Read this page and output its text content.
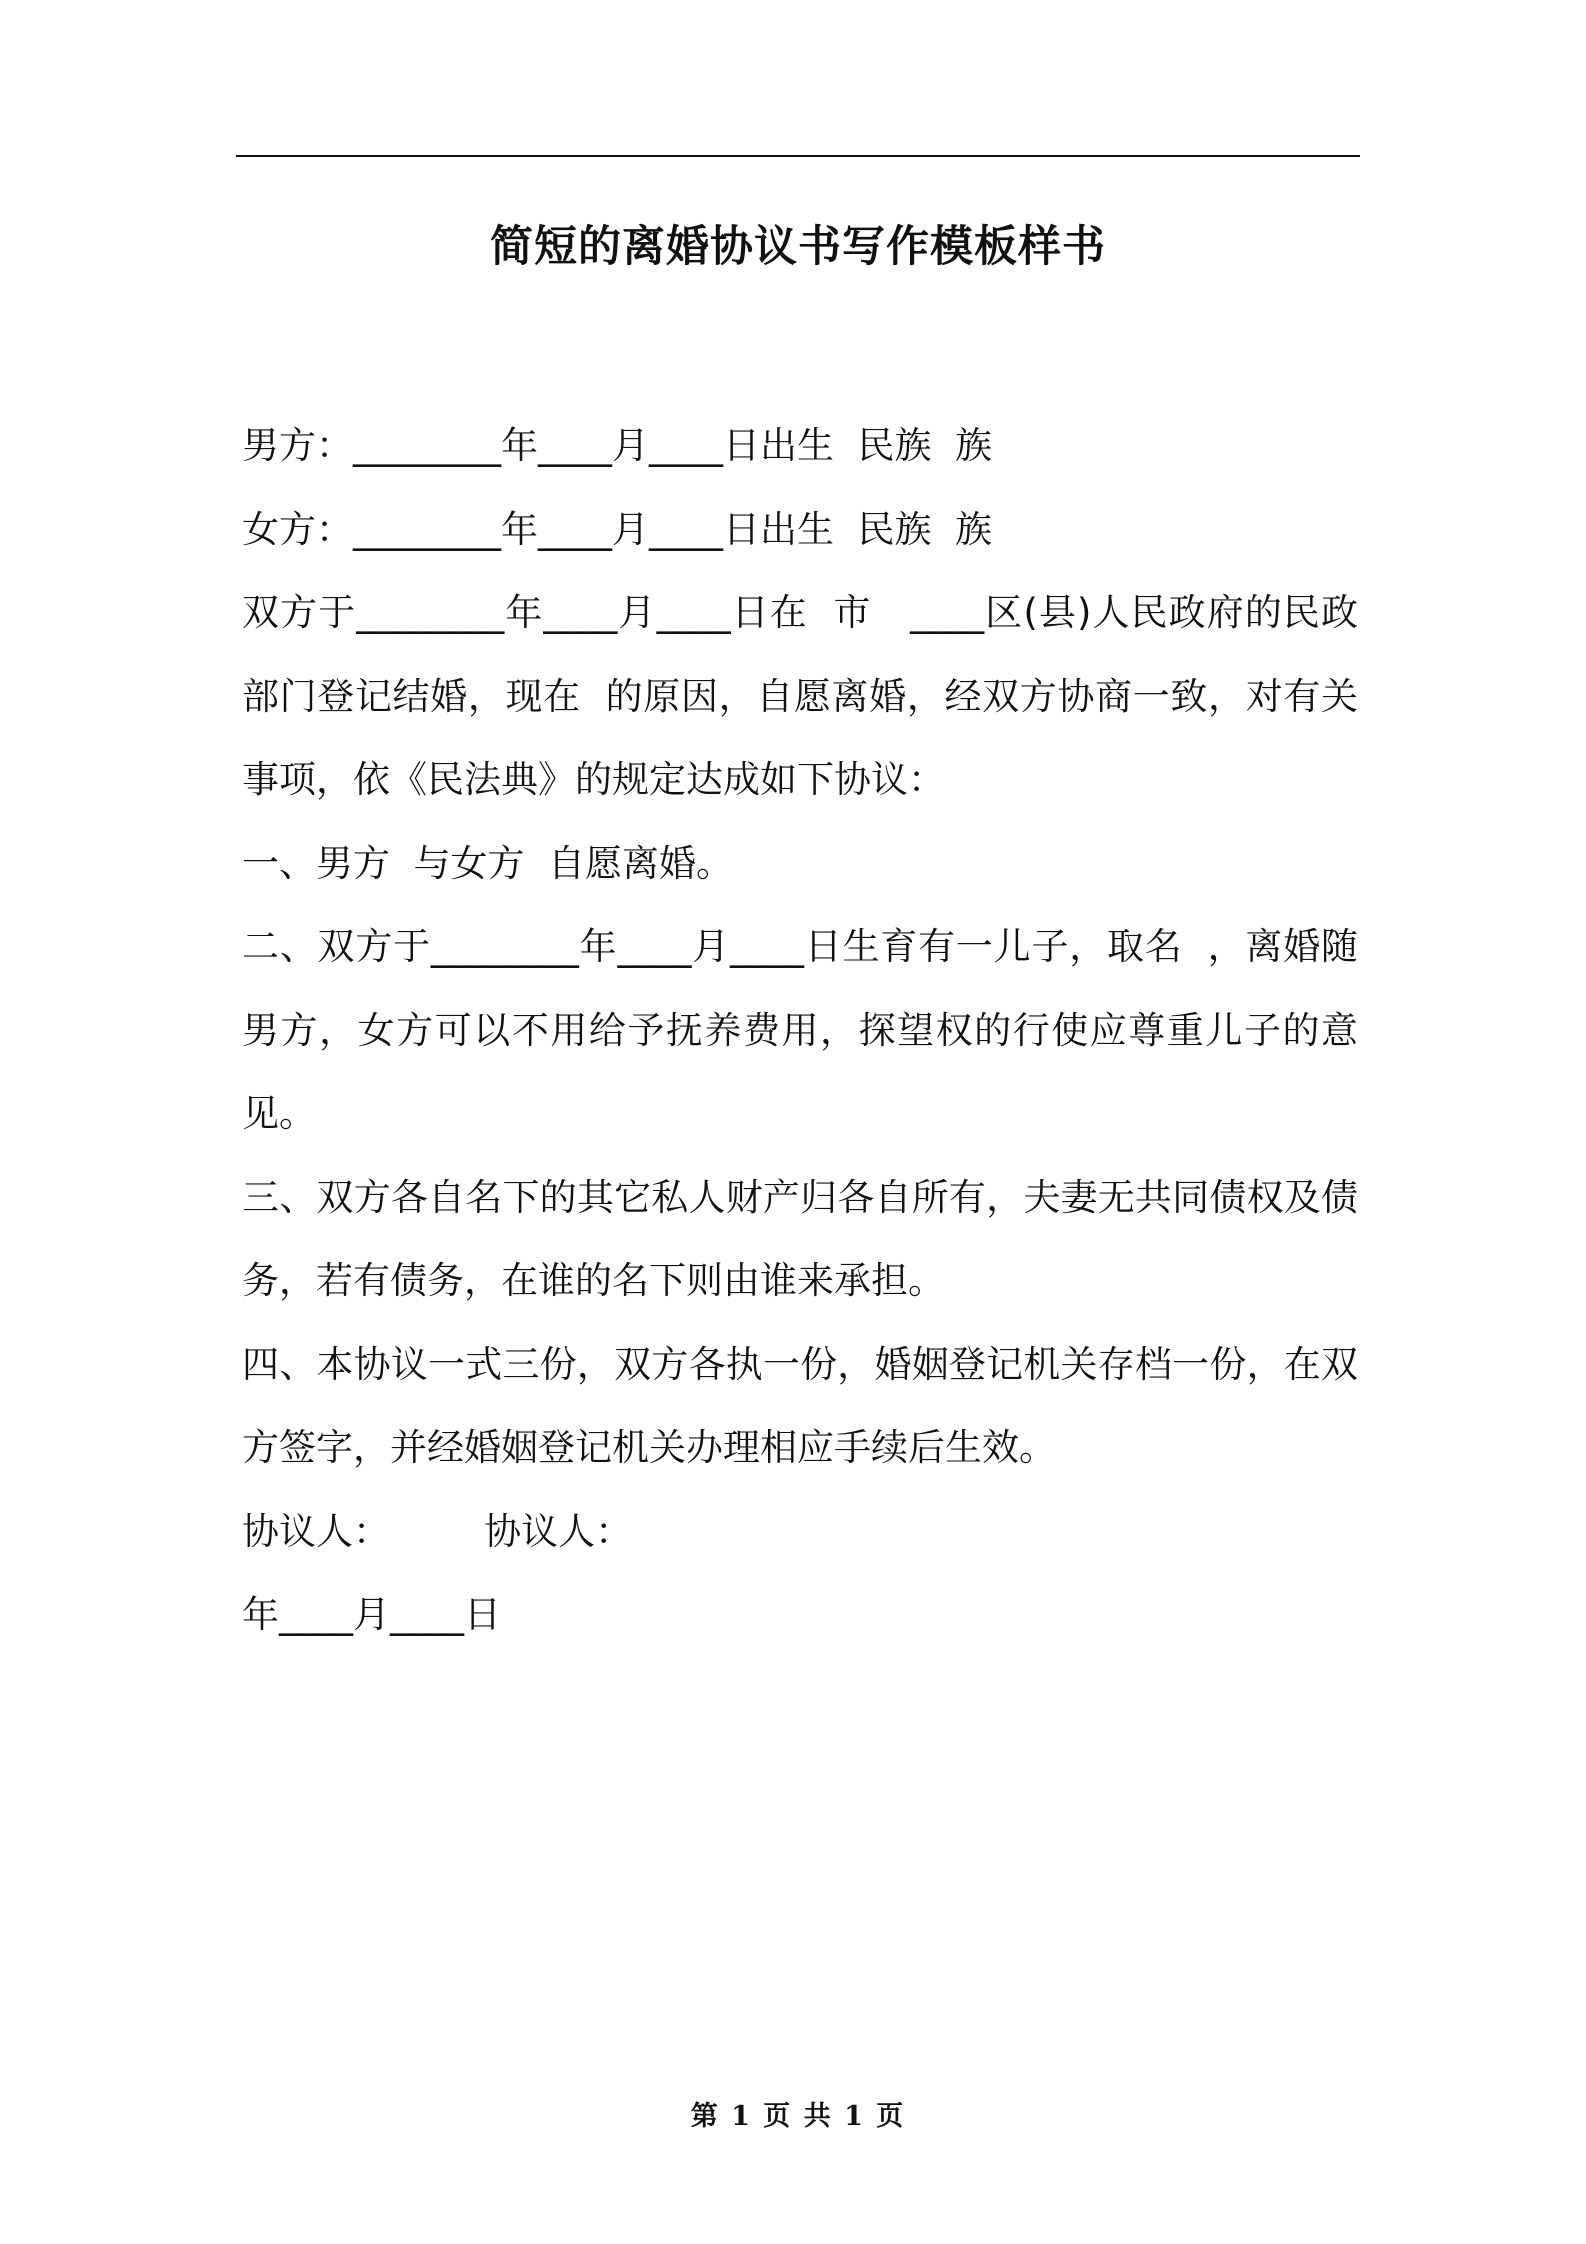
简短的离婚协议书写作模板样书

男方：________年____月____日出生  民族  族

女方：________年____月____日出生  民族  族

双方于________年____月____日在  市   ____区(县)人民政府的民政部门登记结婚，现在  的原因，自愿离婚，经双方协商一致，对有关事项，依《民法典》的规定达成如下协议：

一、男方  与女方  自愿离婚。

二、双方于________年____月____日生育有一儿子，取名  ，离婚随男方，女方可以不用给予抚养费用，探望权的行使应尊重儿子的意见。

三、双方各自名下的其它私人财产归各自所有，夫妻无共同债权及债务，若有债务，在谁的名下则由谁来承担。

四、本协议一式三份，双方各执一份，婚姻登记机关存档一份，在双方签字，并经婚姻登记机关办理相应手续后生效。

协议人：        协议人：

年____月____日

第 1 页 共 1 页
